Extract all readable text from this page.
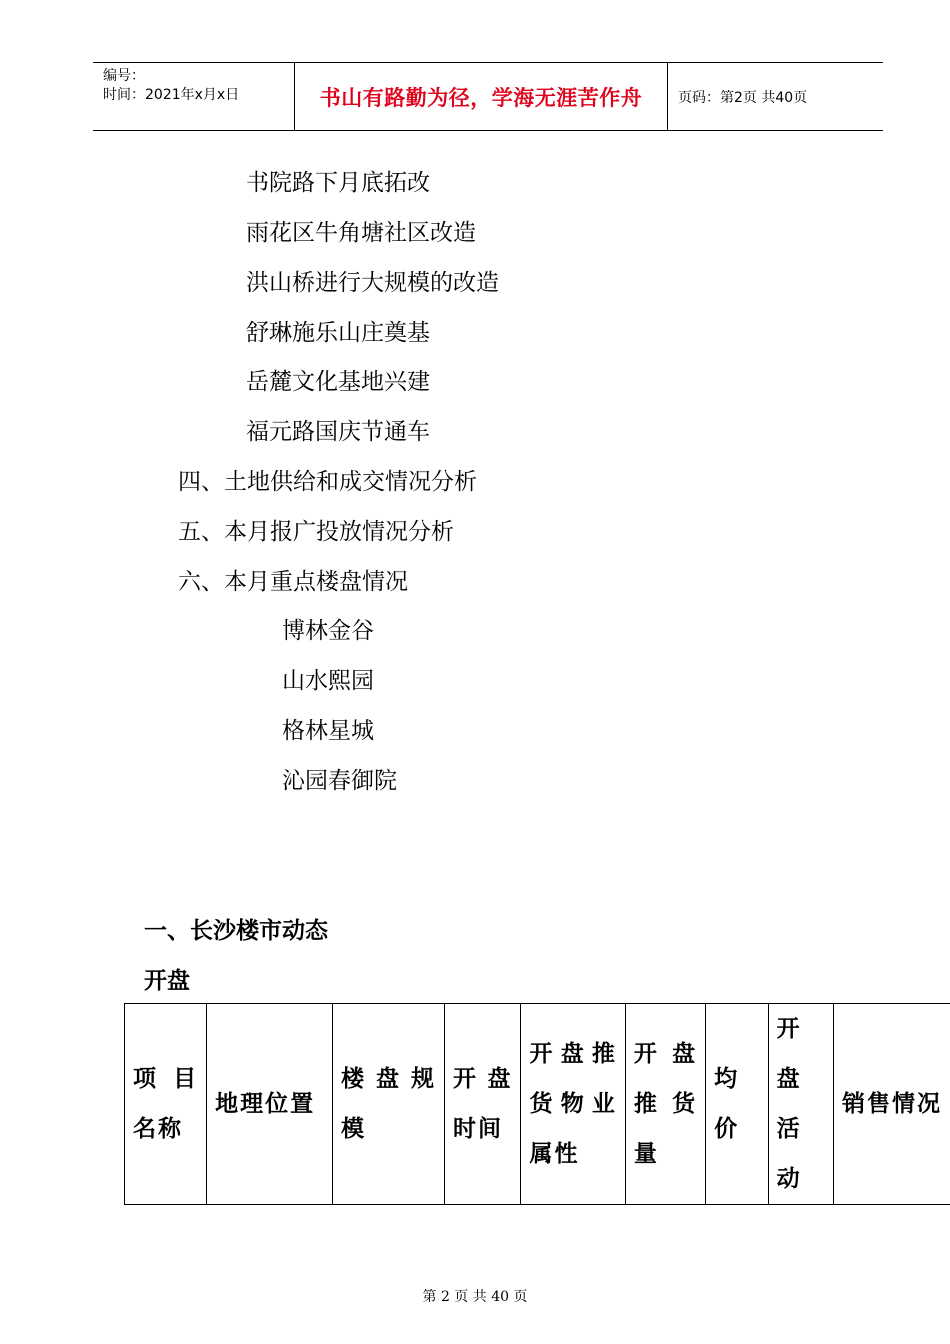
编号：
时间：2021年x月x日	书山有路勤为径，学海无涯苦作舟	页码：第2页 共40页
书院路下月底拓改
雨花区牛角塘社区改造
洪山桥进行大规模的改造
舒琳施乐山庄奠基
岳麓文化基地兴建
福元路国庆节通车
四、土地供给和成交情况分析
五、本月报广投放情况分析
六、本月重点楼盘情况
博林金谷
山水熙园
格林星城
沁园春御院
一、长沙楼市动态
开盘
项目名称	地理位置	楼盘规模	开盘时间	开盘推货物业属性	开盘推货量	均价	开盘活动	销售情况
第 2 页 共 40 页
